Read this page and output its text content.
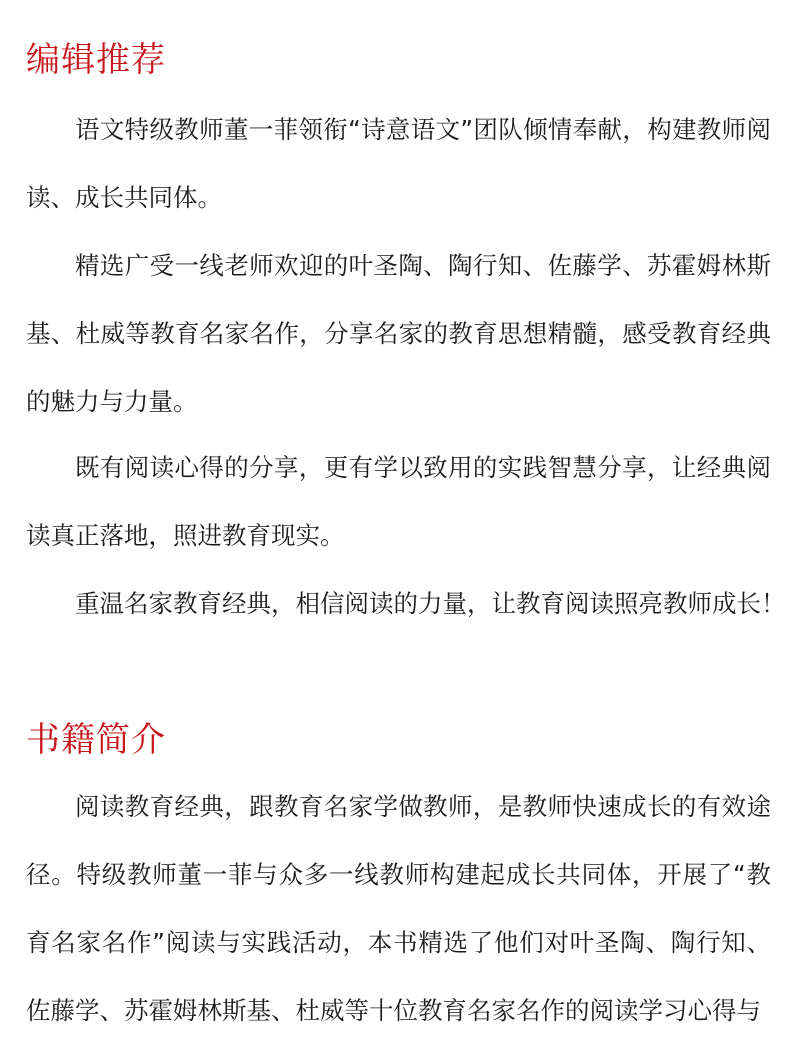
编辑推荐

语文特级教师董一菲领衔“诗意语文”团队倾情奉献，构建教师阅读、成长共同体。

精选广受一线老师欢迎的叶圣陶、陶行知、佐藤学、苏霍姆林斯基、杜威等教育名家名作，分享名家的教育思想精髓，感受教育经典的魅力与力量。

既有阅读心得的分享，更有学以致用的实践智慧分享，让经典阅读真正落地，照进教育现实。

重温名家教育经典，相信阅读的力量，让教育阅读照亮教师成长！

书籍简介

阅读教育经典，跟教育名家学做教师，是教师快速成长的有效途径。特级教师董一菲与众多一线教师构建起成长共同体，开展了“教育名家名作”阅读与实践活动，本书精选了他们对叶圣陶、陶行知、佐藤学、苏霍姆林斯基、杜威等十位教育名家名作的阅读学习心得与
